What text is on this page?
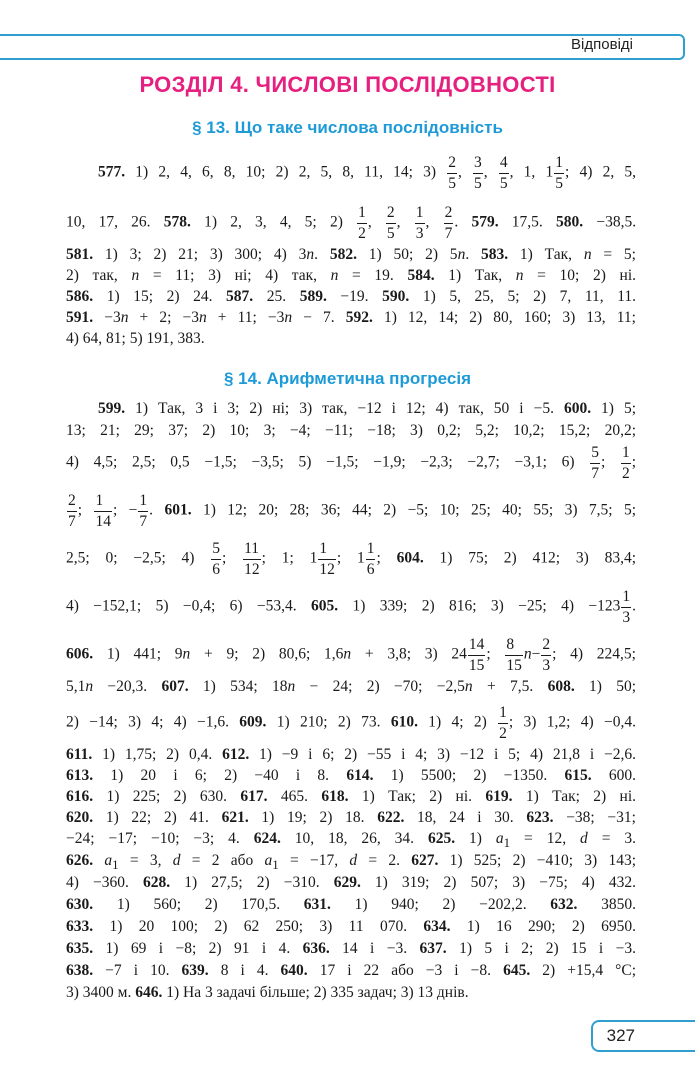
Відповіді
РОЗДІЛ 4. ЧИСЛОВІ ПОСЛІДОВНОСТІ
§ 13. Що таке числова послідовність
577. 1) 2, 4, 6, 8, 10; 2) 2, 5, 8, 11, 14; $3) \frac{2}{5}$ , $\frac{3}{5}$ , $\frac{4}{5}$ , 1, $1 \frac{1}{5}$ ; 4) 2, 5,
10, 17, 26. 578. 1) 2, 3, 4, 5; $2) \frac{1}{2}$ , $\frac{2}{5}$ , $\frac{1}{3}$ , $\frac{2}{7}$ . 579. 17,5. 580. −38,5.
581. 1) 3; 2) 21; 3) 300; 4) 3n. 582. 1) 50; 2) 5n. 583. 1) Так, n = 5;
2) так, n = 11; 3) ні; 4) так, n = 19. 584. 1) Так, n = 10; 2) ні.
586. 1) 15; 2) 24. 587. 25. 589. −19. 590. 1) 5, 25, 5; 2) 7, 11, 11.
591. −3n + 2; −3n + 11; −3n − 7. 592. 1) 12, 14; 2) 80, 160; 3) 13, 11;
4) 64, 81; 5) 191, 383.
§ 14. Арифметична прогресія
599. 1) Так, 3 і 3; 2) ні; 3) так, −12 і 12; 4) так, 50 і −5. 600. 1) 5;
13; 21; 29; 37; 2) 10; 3; −4; −11; −18; 3) 0,2; 5,2; 10,2; 15,2; 20,2;
4) 4,5; 2,5; 0,5 −1,5; −3,5; 5) −1,5; −1,9; −2,3; −2,7; −3,1; $6) \frac{5}{7}$ ; $\frac{1}{2}$ ;
$\frac{2}{7}$ ; $\frac{1}{14}$ ; − $\frac{1}{7}$ . 601. 1) 12; 20; 28; 36; 44; 2) −5; 10; 25; 40; 55; 3) 7,5; 5;
2,5; 0; −2,5; $4) \frac{5}{6}$ ; $\frac{11}{12}$ ; 1; $1 \frac{1}{12}$ ; $1 \frac{1}{6}$ ; 604. 1) 75; 2) 412; 3) 83,4;
4) −152,1; 5) −0,4; 6) −53,4. 605. 1) 339; 2) 816; 3) −25; $4) -123 \frac{1}{3}$ .
606. 1) 441; 9n + 9; 2) 80,6; 1,6n + 3,8; 3) $24 \frac{14}{15}$ ; $\frac{8}{15} n- \frac{2}{3}$ ; 4) 224,5;
5,1n −20,3. 607. 1) 534; 18n − 24; 2) −70; −2,5n + 7,5. 608. 1) 50;
2) −14; 3) 4; 4) −1,6. 609. 1) 210; 2) 73. 610. 1) 4; $2) \frac{1}{2}$ ; 3) 1,2; 4) −0,4.
611. 1) 1,75; 2) 0,4. 612. 1) −9 і 6; 2) −55 і 4; 3) −12 і 5; 4) 21,8 і −2,6.
613. 1) 20 і 6; 2) −40 і 8. 614. 1) 5500; 2) −1350. 615. 600.
616. 1) 225; 2) 630. 617. 465. 618. 1) Так; 2) ні. 619. 1) Так; 2) ні.
620. 1) 22; 2) 41. 621. 1) 19; 2) 18. 622. 18, 24 і 30. 623. −38; −31;
−24; −17; −10; −3; 4. 624. 10, 18, 26, 34. 625. 1) $a_1 = 12$, d = 3.
626. $a_1 = 3$, d = 2 або $a_1 = -17$, d = 2. 627. 1) 525; 2) −410; 3) 143;
4) −360. 628. 1) 27,5; 2) −310. 629. 1) 319; 2) 507; 3) −75; 4) 432.
630. 1) 560; 2) 170,5. 631. 1) 940; 2) −202,2. 632. 3850.
633. 1) 20 100; 2) 62 250; 3) 11 070. 634. 1) 16 290; 2) 6950.
635. 1) 69 і −8; 2) 91 і 4. 636. 14 і −3. 637. 1) 5 і 2; 2) 15 і −3.
638. −7 і 10. 639. 8 і 4. 640. 17 і 22 або −3 і −8. 645. 2) +15,4 °С;
3) 3400 м. 646. 1) На 3 задачі більше; 2) 335 задач; 3) 13 днів.
327
